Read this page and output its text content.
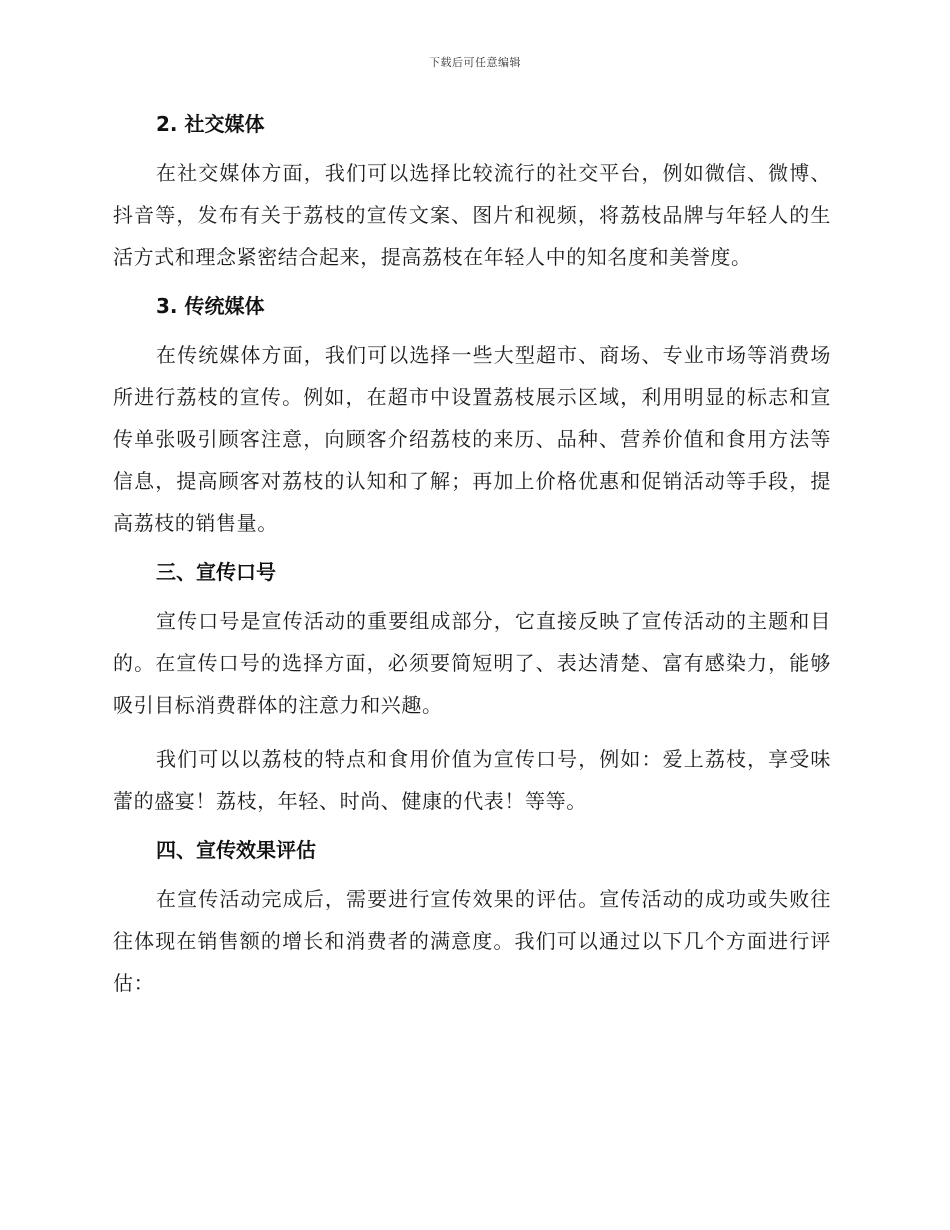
下载后可任意编辑
2. 社交媒体

在社交媒体方面，我们可以选择比较流行的社交平台，例如微信、微博、抖音等，发布有关于荔枝的宣传文案、图片和视频，将荔枝品牌与年轻人的生活方式和理念紧密结合起来，提高荔枝在年轻人中的知名度和美誉度。

3. 传统媒体

在传统媒体方面，我们可以选择一些大型超市、商场、专业市场等消费场所进行荔枝的宣传。例如，在超市中设置荔枝展示区域，利用明显的标志和宣传单张吸引顾客注意，向顾客介绍荔枝的来历、品种、营养价值和食用方法等信息，提高顾客对荔枝的认知和了解；再加上价格优惠和促销活动等手段，提高荔枝的销售量。

三、宣传口号

宣传口号是宣传活动的重要组成部分，它直接反映了宣传活动的主题和目的。在宣传口号的选择方面，必须要简短明了、表达清楚、富有感染力，能够吸引目标消费群体的注意力和兴趣。

我们可以以荔枝的特点和食用价值为宣传口号，例如：爱上荔枝，享受味蕾的盛宴！荔枝，年轻、时尚、健康的代表！等等。

四、宣传效果评估

在宣传活动完成后，需要进行宣传效果的评估。宣传活动的成功或失败往往体现在销售额的增长和消费者的满意度。我们可以通过以下几个方面进行评估：
